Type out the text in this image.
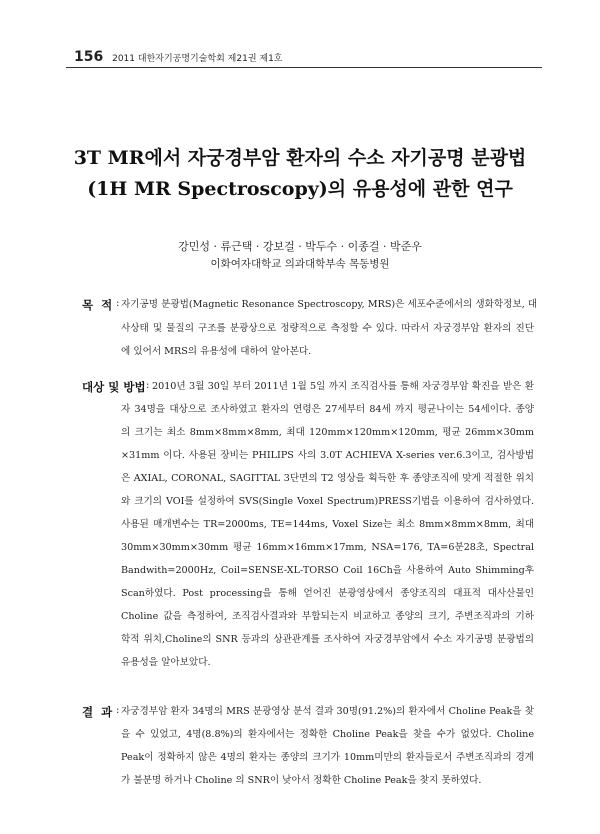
156 2011 대한자기공명기술학회 제21권 제1호
3T MR에서 자궁경부암 환자의 수소 자기공명 분광법
(1H MR Spectroscopy)의 유용성에 관한 연구
강민성 · 류근택 · 강보걸 · 박두수 · 이종걸 · 박준우
이화여자대학교 의과대학부속 목동병원
목  적 : 자기공명 분광법(Magnetic Resonance Spectroscopy, MRS)은 세포수준에서의 생화학정보, 대
사상태 및 물질의 구조를 분광상으로 정량적으로 측정할 수 있다. 따라서 자궁경부암 환자의 진단
에 있어서 MRS의 유용성에 대하여 알아본다.
대상 및 방법 : 2010년 3월 30일 부터 2011년 1월 5일 까지 조직검사를 통해 자궁경부암 확진을 받은 환
자 34명을 대상으로 조사하였고 환자의 연령은 27세부터 84세 까지 평균나이는 54세이다. 종양
의 크기는 최소 8mm×8mm×8mm, 최대 120mm×120mm×120mm, 평균 26mm×30mm
×31mm 이다. 사용된 장비는 PHILIPS 사의 3.0T ACHIEVA X-series ver.6.3이고, 검사방법
은 AXIAL, CORONAL, SAGITTAL 3단면의 T2 영상을 획득한 후 종양조직에 맞게 적절한 위치
와 크기의 VOI를 설정하여 SVS(Single Voxel Spectrum)PRESS기법을 이용하여 검사하였다.
사용된 매개변수는 TR=2000ms, TE=144ms, Voxel Size는 최소 8mm×8mm×8mm, 최대
30mm×30mm×30mm 평균 16mm×16mm×17mm, NSA=176, TA=6분28초, Spectral
Bandwith=2000Hz, Coil=SENSE-XL-TORSO Coil 16Ch을 사용하여 Auto Shimming후
Scan하였다. Post processing을 통해 얻어진 분광영상에서 종양조직의 대표적 대사산물인
Choline 값을 측정하여, 조직검사결과와 부합되는지 비교하고 종양의 크기, 주변조직과의 기하
학적 위치,Choline의 SNR 등과의 상관관계를 조사하여 자궁경부암에서 수소 자기공명 분광법의
유용성을 알아보았다.
결  과 : 자궁경부암 환자 34명의 MRS 분광영상 분석 결과 30명(91.2%)의 환자에서 Choline Peak을 찾
을 수 있었고, 4명(8.8%)의 환자에서는 정확한 Choline Peak을 찾을 수가 없었다. Choline
Peak이 정확하지 않은 4명의 환자는 종양의 크기가 10mm미만의 환자들로서 주변조직과의 경계
가 불분명 하거나 Choline 의 SNR이 낮아서 정확한 Choline Peak을 찾지 못하였다.
